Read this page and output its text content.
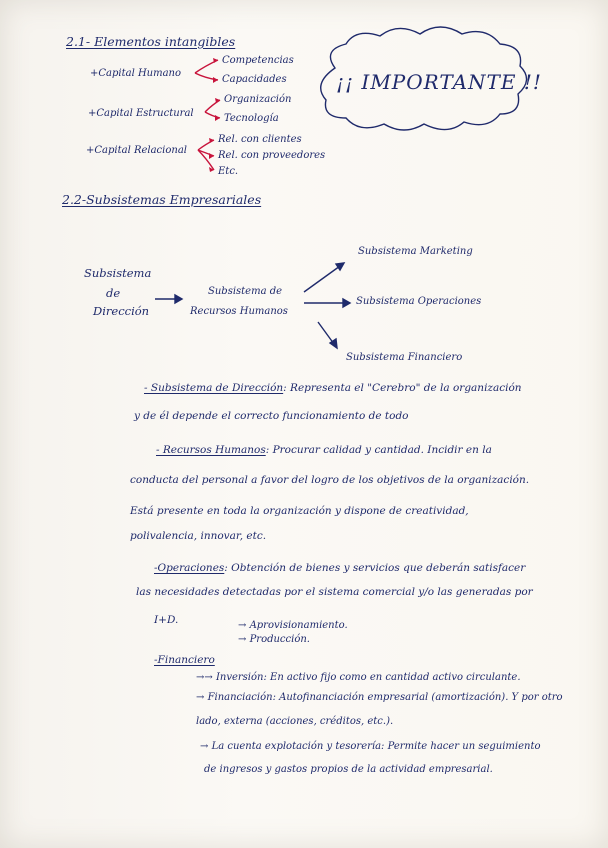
2.1- Elementos intangibles
+Capital Humano
Competencias
Capacidades
+Capital Estructural
Organización
Tecnología
+Capital Relacional
Rel. con clientes
Rel. con proveedores
Etc.
¡¡ IMPORTANTE !!
2.2-Subsistemas Empresariales
Subsistema
de
Dirección
Subsistema de
Recursos Humanos
Subsistema Marketing
Subsistema Operaciones
Subsistema Financiero
- Subsistema de Dirección: Representa el "Cerebro" de la organización
y de él depende el correcto funcionamiento de todo
- Recursos Humanos: Procurar calidad y cantidad. Incidir en la
conducta del personal a favor del logro de los objetivos de la organización.
Está presente en toda la organización y dispone de creatividad,
polivalencia, innovar, etc.
-Operaciones: Obtención de bienes y servicios que deberán satisfacer
las necesidades detectadas por el sistema comercial y/o las generadas por
I+D.	→ Aprovisionamiento.
→ Producción.
-Financiero
→→ Inversión: En activo fijo como en cantidad activo circulante.
→ Financiación: Autofinanciación empresarial (amortización). Y por otro
lado, externa (acciones, créditos, etc.).
→ La cuenta explotación y tesorería: Permite hacer un seguimiento
de ingresos y gastos propios de la actividad empresarial.
